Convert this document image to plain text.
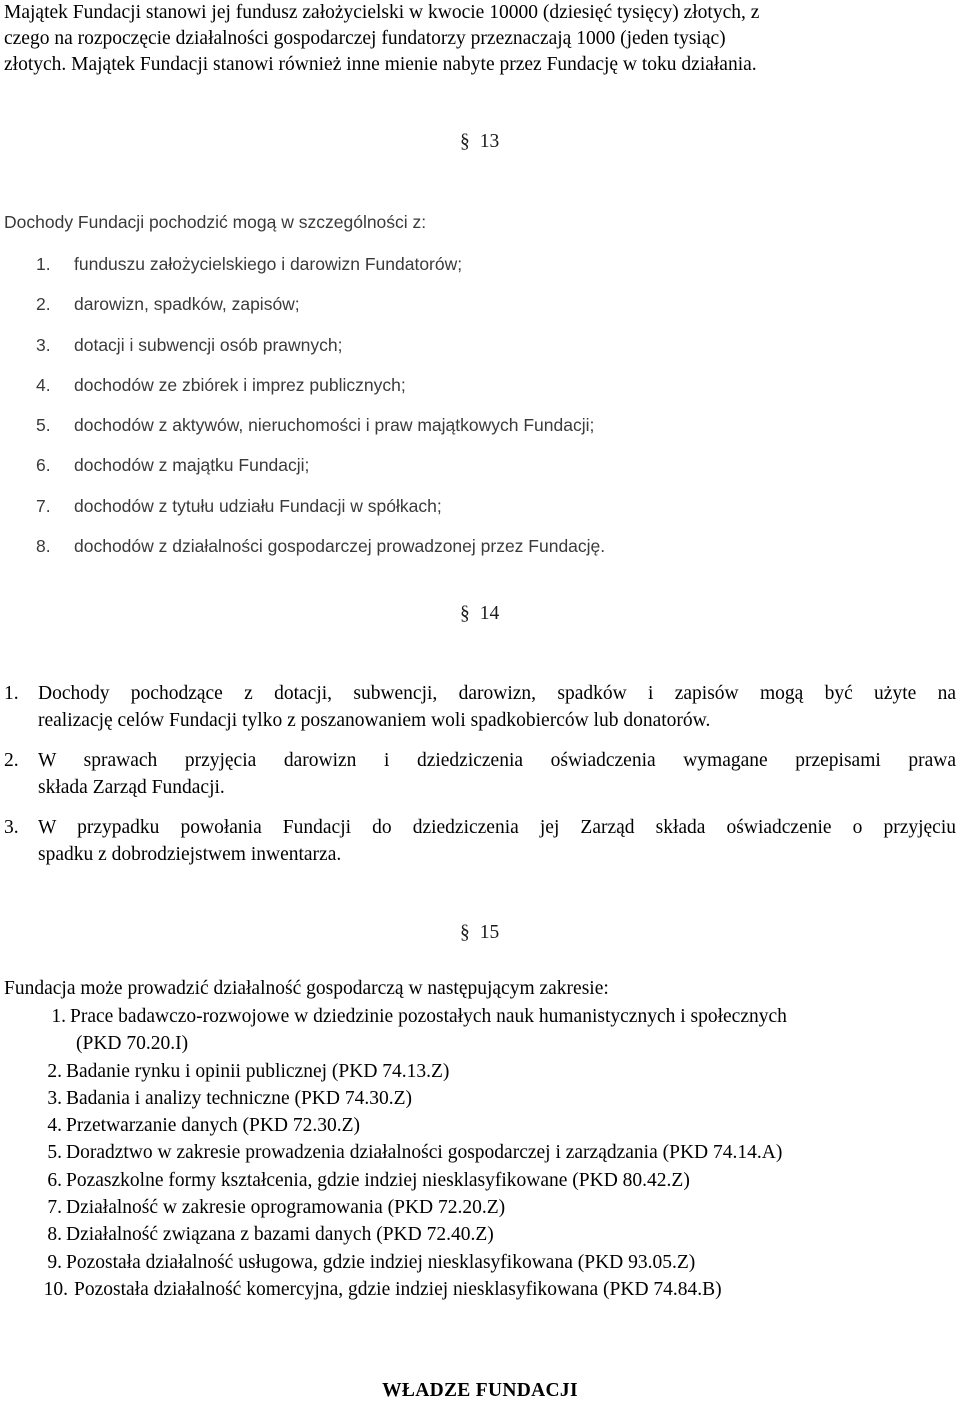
Majątek Fundacji stanowi jej fundusz założycielski w kwocie 10000 (dziesięć tysięcy) złotych, z
czego na rozpoczęcie działalności gospodarczej fundatorzy przeznaczają 1000 (jeden tysiąc)
złotych. Majątek Fundacji stanowi również inne mienie nabyte przez Fundację w toku działania.
§ 13
Dochody Fundacji pochodzić mogą w szczególności z:
1. funduszu założycielskiego i darowizn Fundatorów;
2. darowizn, spadków, zapisów;
3. dotacji i subwencji osób prawnych;
4. dochodów ze zbiórek i imprez publicznych;
5. dochodów z aktywów, nieruchomości i praw majątkowych Fundacji;
6. dochodów z majątku Fundacji;
7. dochodów z tytułu udziału Fundacji w spółkach;
8. dochodów z działalności gospodarczej prowadzonej przez Fundację.
§ 14
1. Dochody pochodzące z dotacji, subwencji, darowizn, spadków i zapisów mogą być użyte na
realizację celów Fundacji tylko z poszanowaniem woli spadkobierców lub donatorów.
2. W sprawach przyjęcia darowizn i dziedziczenia oświadczenia wymagane przepisami prawa
składa Zarząd Fundacji.
3. W przypadku powołania Fundacji do dziedziczenia jej Zarząd składa oświadczenie o przyjęciu
spadku z dobrodziejstwem inwentarza.
§ 15
Fundacja może prowadzić działalność gospodarczą w następującym zakresie:
1. Prace badawczo-rozwojowe w dziedzinie pozostałych nauk humanistycznych i społecznych
(PKD 70.20.I)
2. Badanie rynku i opinii publicznej (PKD 74.13.Z)
3. Badania i analizy techniczne (PKD 74.30.Z)
4. Przetwarzanie danych (PKD 72.30.Z)
5. Doradztwo w zakresie prowadzenia działalności gospodarczej i zarządzania (PKD 74.14.A)
6. Pozaszkolne formy kształcenia, gdzie indziej niesklasyfikowane (PKD 80.42.Z)
7. Działalność w zakresie oprogramowania (PKD 72.20.Z)
8. Działalność związana z bazami danych (PKD 72.40.Z)
9. Pozostała działalność usługowa, gdzie indziej niesklasyfikowana (PKD 93.05.Z)
10. Pozostała działalność komercyjna, gdzie indziej niesklasyfikowana (PKD 74.84.B)
WŁADZE FUNDACJI
